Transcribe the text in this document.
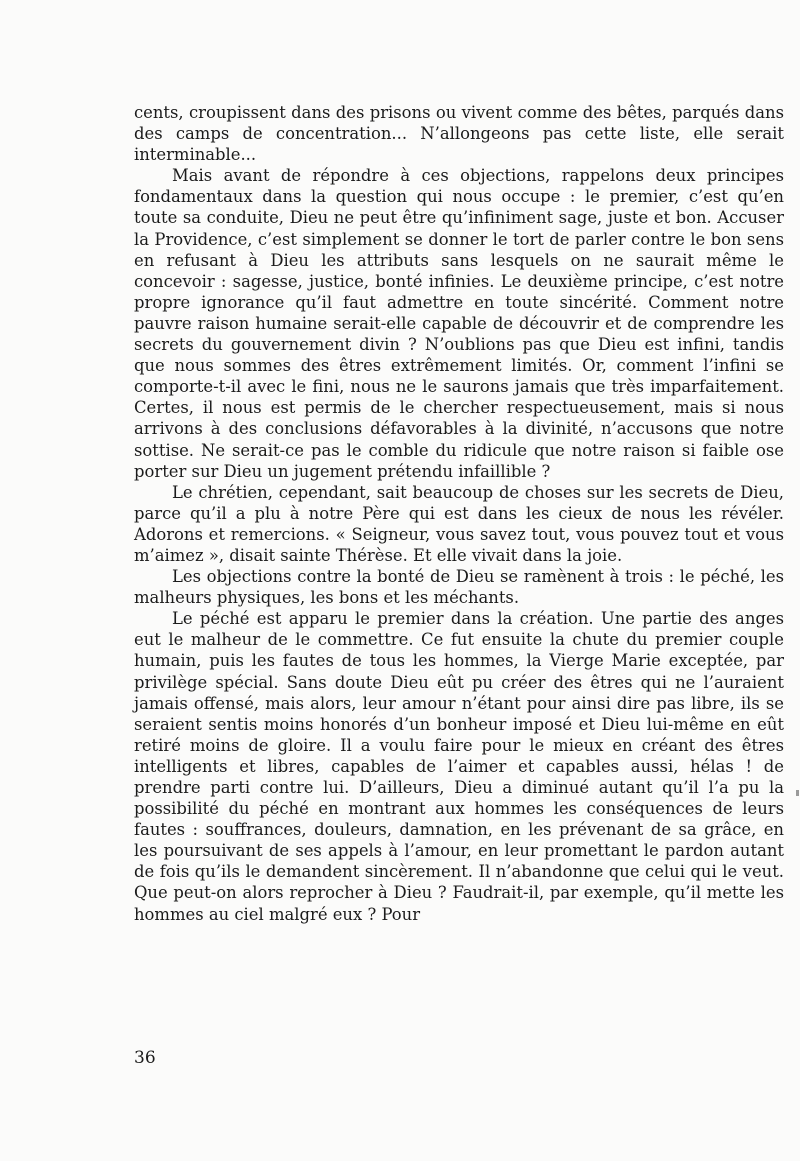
cents, croupissent dans des prisons ou vivent comme des bêtes, parqués dans des camps de concentration... N’allongeons pas cette liste, elle serait interminable...

Mais avant de répondre à ces objections, rappelons deux principes fondamentaux dans la question qui nous occupe : le premier, c’est qu’en toute sa conduite, Dieu ne peut être qu’infiniment sage, juste et bon. Accuser la Providence, c’est simplement se donner le tort de parler contre le bon sens en refusant à Dieu les attributs sans lesquels on ne saurait même le concevoir : sagesse, justice, bonté infinies. Le deuxième principe, c’est notre propre ignorance qu’il faut admettre en toute sincérité. Comment notre pauvre raison humaine serait-elle capable de découvrir et de comprendre les secrets du gouvernement divin ? N’oublions pas que Dieu est infini, tandis que nous sommes des êtres extrêmement limités. Or, comment l’infini se comporte-t-il avec le fini, nous ne le saurons jamais que très imparfaitement. Certes, il nous est permis de le chercher respectueusement, mais si nous arrivons à des conclusions défavorables à la divinité, n’accusons que notre sottise. Ne serait-ce pas le comble du ridicule que notre raison si faible ose porter sur Dieu un jugement prétendu infaillible ?

Le chrétien, cependant, sait beaucoup de choses sur les secrets de Dieu, parce qu’il a plu à notre Père qui est dans les cieux de nous les révéler. Adorons et remercions. « Seigneur, vous savez tout, vous pouvez tout et vous m’aimez », disait sainte Thérèse. Et elle vivait dans la joie.

Les objections contre la bonté de Dieu se ramènent à trois : le péché, les malheurs physiques, les bons et les méchants.

Le péché est apparu le premier dans la création. Une partie des anges eut le malheur de le commettre. Ce fut ensuite la chute du premier couple humain, puis les fautes de tous les hommes, la Vierge Marie exceptée, par privilège spécial. Sans doute Dieu eût pu créer des êtres qui ne l’auraient jamais offensé, mais alors, leur amour n’étant pour ainsi dire pas libre, ils se seraient sentis moins honorés d’un bonheur imposé et Dieu lui-même en eût retiré moins de gloire. Il a voulu faire pour le mieux en créant des êtres intelligents et libres, capables de l’aimer et capables aussi, hélas ! de prendre parti contre lui. D’ailleurs, Dieu a diminué autant qu’il l’a pu la possibilité du péché en montrant aux hommes les conséquences de leurs fautes : souffrances, douleurs, damnation, en les prévenant de sa grâce, en les poursuivant de ses appels à l’amour, en leur promettant le pardon autant de fois qu’ils le demandent sincèrement. Il n’abandonne que celui qui le veut. Que peut-on alors reprocher à Dieu ? Faudrait-il, par exemple, qu’il mette les hommes au ciel malgré eux ? Pour

36
